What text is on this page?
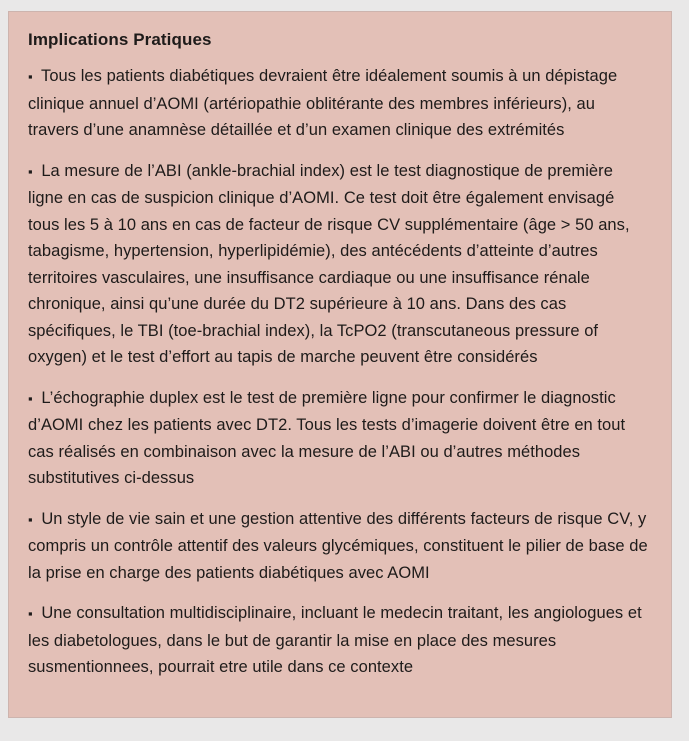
Implications Pratiques

▪ Tous les patients diabétiques devraient être idéalement soumis à un dépistage clinique annuel d’AOMI (artériopathie oblitérante des membres inférieurs), au travers d’une anamnèse détaillée et d’un examen clinique des extrémités

▪ La mesure de l’ABI (ankle-brachial index) est le test diagnostique de première ligne en cas de suspicion clinique d’AOMI. Ce test doit être également envisagé tous les 5 à 10 ans en cas de facteur de risque CV supplémentaire (âge > 50 ans, tabagisme, hypertension, hyperlipidémie), des antécédents d’atteinte d’autres territoires vasculaires, une insuffisance cardiaque ou une insuffisance rénale chronique, ainsi qu’une durée du DT2 supérieure à 10 ans. Dans des cas spécifiques, le TBI (toe-brachial index), la TcPO2 (transcutaneous pressure of oxygen) et le test d’effort au tapis de marche peuvent être considérés

▪ L’échographie duplex est le test de première ligne pour confirmer le diagnostic d’AOMI chez les patients avec DT2. Tous les tests d’imagerie doivent être en tout cas réalisés en combinaison avec la mesure de l’ABI ou d’autres méthodes substitutives ci-dessus

▪ Un style de vie sain et une gestion attentive des différents facteurs de risque CV, y compris un contrôle attentif des valeurs glycémiques, constituent le pilier de base de la prise en charge des patients diabétiques avec AOMI

▪ Une consultation multidisciplinaire, incluant le medecin traitant, les angiologues et les diabetologues, dans le but de garantir la mise en place des mesures susmentionnees, pourrait etre utile dans ce contexte
